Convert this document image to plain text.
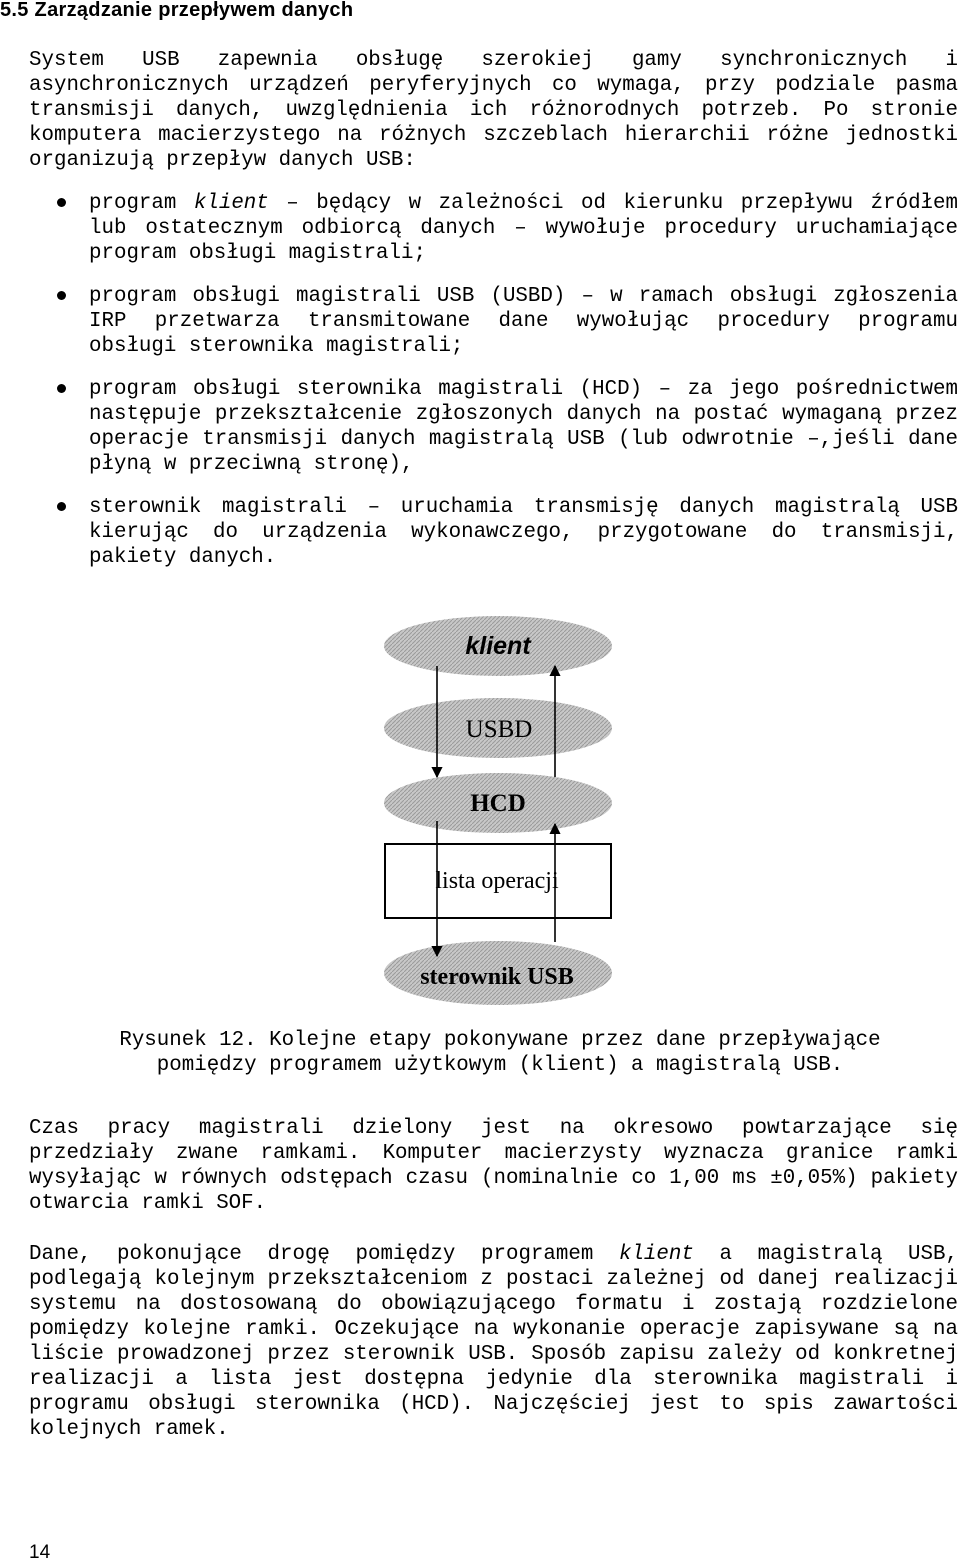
5.5 Zarządzanie przepływem danych

System USB zapewnia obsługę szerokiej gamy synchronicznych i asynchronicznych urządzeń peryferyjnych co wymaga, przy podziale pasma transmisji danych, uwzględnienia ich różnorodnych potrzeb. Po stronie komputera macierzystego na różnych szczeblach hierarchii różne jednostki organizują przepływ danych USB:

program klient – będący w zależności od kierunku przepływu źródłem lub ostatecznym odbiorcą danych – wywołuje procedury uruchamiające program obsługi magistrali;

program obsługi magistrali USB (USBD) – w ramach obsługi zgłoszenia IRP przetwarza transmitowane dane wywołując procedury programu obsługi sterownika magistrali;

program obsługi sterownika magistrali (HCD) – za jego pośrednictwem następuje przekształcenie zgłoszonych danych na postać wymaganą przez operacje transmisji danych magistralą USB (lub odwrotnie –,jeśli dane płyną w przeciwną stronę),

sterownik magistrali – uruchamia transmisję danych magistralą USB kierując do urządzenia wykonawczego, przygotowane do transmisji, pakiety danych.

klient
USBD
HCD
lista operacji
sterownik USB
Rysunek 12. Kolejne etapy pokonywane przez dane przepływające
pomiędzy programem użytkowym (klient) a magistralą USB.

Czas pracy magistrali dzielony jest na okresowo powtarzające się przedziały zwane ramkami. Komputer macierzysty wyznacza granice ramki wysyłając w równych odstępach czasu (nominalnie co 1,00 ms ±0,05%) pakiety otwarcia ramki SOF.

Dane, pokonujące drogę pomiędzy programem klient a magistralą USB, podlegają kolejnym przekształceniom z postaci zależnej od danej realizacji systemu na dostosowaną do obowiązującego formatu i zostają rozdzielone pomiędzy kolejne ramki. Oczekujące na wykonanie operacje zapisywane są na liście prowadzonej przez sterownik USB. Sposób zapisu zależy od konkretnej realizacji a lista jest dostępna jedynie dla sterownika magistrali i programu obsługi sterownika (HCD). Najczęściej jest to spis zawartości kolejnych ramek.

14
